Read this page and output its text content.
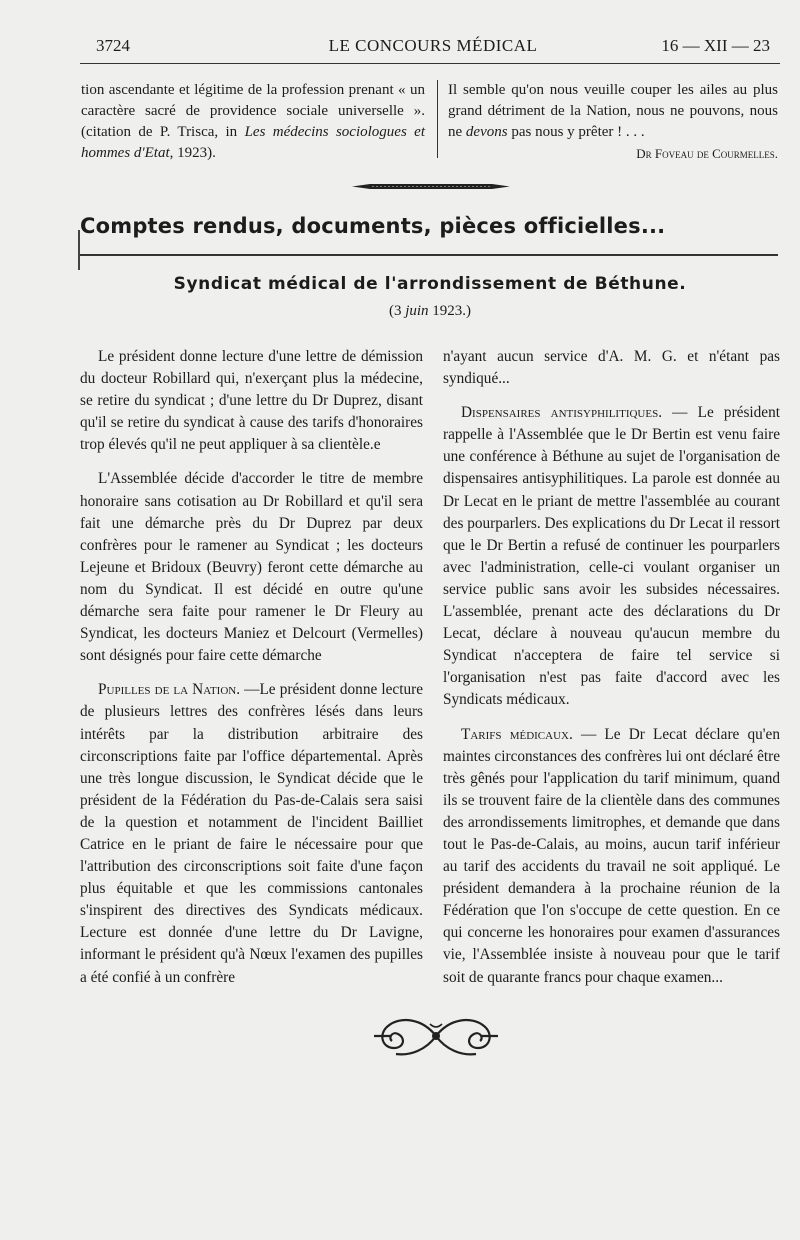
3724	LE CONCOURS MÉDICAL	16 — XII — 23
tion ascendante et légitime de la profession prenant « un caractère sacré de providence sociale universelle ». (citation de P. Trisca, in Les médecins sociologues et hommes d'Etat, 1923).
Il semble qu'on nous veuille couper les ailes au plus grand détriment de la Nation, nous ne pouvons, nous ne devons pas nous y prêter ! . . .
Dr Foveau de Courmelles.
Comptes rendus, documents, pièces officielles...
Syndicat médical de l'arrondissement de Béthune.
(3 juin 1923.)

Le président donne lecture d'une lettre de démission du docteur Robillard qui, n'exerçant plus la médecine, se retire du syndicat ; d'une lettre du Dr Duprez, disant qu'il se retire du syndicat à cause des tarifs d'honoraires trop élevés qu'il ne peut appliquer à sa clientèle.e

L'Assemblée décide d'accorder le titre de membre honoraire sans cotisation au Dr Robillard et qu'il sera fait une démarche près du Dr Duprez par deux confrères pour le ramener au Syndicat ; les docteurs Lejeune et Bridoux (Beuvry) feront cette démarche au nom du Syndicat. Il est décidé en outre qu'une démarche sera faite pour ramener le Dr Fleury au Syndicat, les docteurs Maniez et Delcourt (Vermelles) sont désignés pour faire cette démarche

Pupilles de la Nation. —Le président donne lecture de plusieurs lettres des confrères lésés dans leurs intérêts par la distribution arbitraire des circonscriptions faite par l'office départemental. Après une très longue discussion, le Syndicat décide que le président de la Fédération du Pas-de-Calais sera saisi de la question et notamment de l'incident Bailliet Catrice en le priant de faire le nécessaire pour que l'attribution des circonscriptions soit faite d'une façon plus équitable et que les commissions cantonales s'inspirent des directives des Syndicats médicaux. Lecture est donnée d'une lettre du Dr Lavigne, informant le président qu'à Nœux l'examen des pupilles a été confié à un confrère

n'ayant aucun service d'A. M. G. et n'étant pas syndiqué...

Dispensaires antisyphilitiques. — Le président rappelle à l'Assemblée que le Dr Bertin est venu faire une conférence à Béthune au sujet de l'organisation de dispensaires antisyphilitiques. La parole est donnée au Dr Lecat en le priant de mettre l'assemblée au courant des pourparlers. Des explications du Dr Lecat il ressort que le Dr Bertin a refusé de continuer les pourparlers avec l'administration, celle-ci voulant organiser un service public sans avoir les subsides nécessaires. L'assemblée, prenant acte des déclarations du Dr Lecat, déclare à nouveau qu'aucun membre du Syndicat n'acceptera de faire tel service si l'organisation n'est pas faite d'accord avec les Syndicats médicaux.

Tarifs médicaux. — Le Dr Lecat déclare qu'en maintes circonstances des confrères lui ont déclaré être très gênés pour l'application du tarif minimum, quand ils se trouvent faire de la clientèle dans des communes des arrondissements limitrophes, et demande que dans tout le Pas-de-Calais, au moins, aucun tarif inférieur au tarif des accidents du travail ne soit appliqué. Le président demandera à la prochaine réunion de la Fédération que l'on s'occupe de cette question. En ce qui concerne les honoraires pour examen d'assurances vie, l'Assemblée insiste à nouveau pour que le tarif soit de quarante francs pour chaque examen...
